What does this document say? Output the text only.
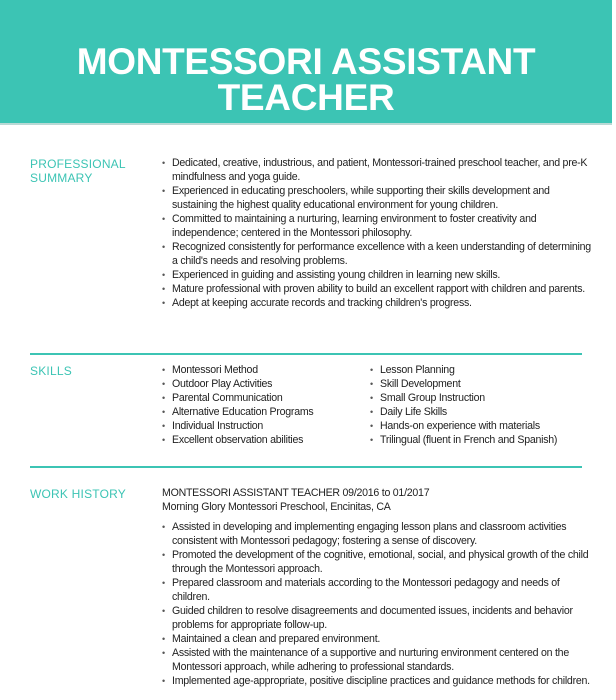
MONTESSORI ASSISTANT
TEACHER
PROFESSIONAL
SUMMARY
• Dedicated, creative, industrious, and patient, Montessori-trained preschool teacher, and pre-K mindfulness and yoga guide.
• Experienced in educating preschoolers, while supporting their skills development and sustaining the highest quality educational environment for young children.
• Committed to maintaining a nurturing, learning environment to foster creativity and independence; centered in the Montessori philosophy.
• Recognized consistently for performance excellence with a keen understanding of determining a child's needs and resolving problems.
• Experienced in guiding and assisting young children in learning new skills.
• Mature professional with proven ability to build an excellent rapport with children and parents.
• Adept at keeping accurate records and tracking children's progress.
SKILLS	• Montessori Method
• Outdoor Play Activities
• Parental Communication
• Alternative Education Programs
• Individual Instruction
• Excellent observation abilities
• Lesson Planning
• Skill Development
• Small Group Instruction
• Daily Life Skills
• Hands-on experience with materials
• Trilingual (fluent in French and Spanish)
WORK HISTORY	MONTESSORI ASSISTANT TEACHER 09/2016 to 01/2017
Morning Glory Montessori Preschool, Encinitas, CA
• Assisted in developing and implementing engaging lesson plans and classroom activities consistent with Montessori pedagogy; fostering a sense of discovery.
• Promoted the development of the cognitive, emotional, social, and physical growth of the child through the Montessori approach.
• Prepared classroom and materials according to the Montessori pedagogy and needs of children.
• Guided children to resolve disagreements and documented issues, incidents and behavior problems for appropriate follow-up.
• Maintained a clean and prepared environment.
• Assisted with the maintenance of a supportive and nurturing environment centered on the Montessori approach, while adhering to professional standards.
• Implemented age-appropriate, positive discipline practices and guidance methods for children.
